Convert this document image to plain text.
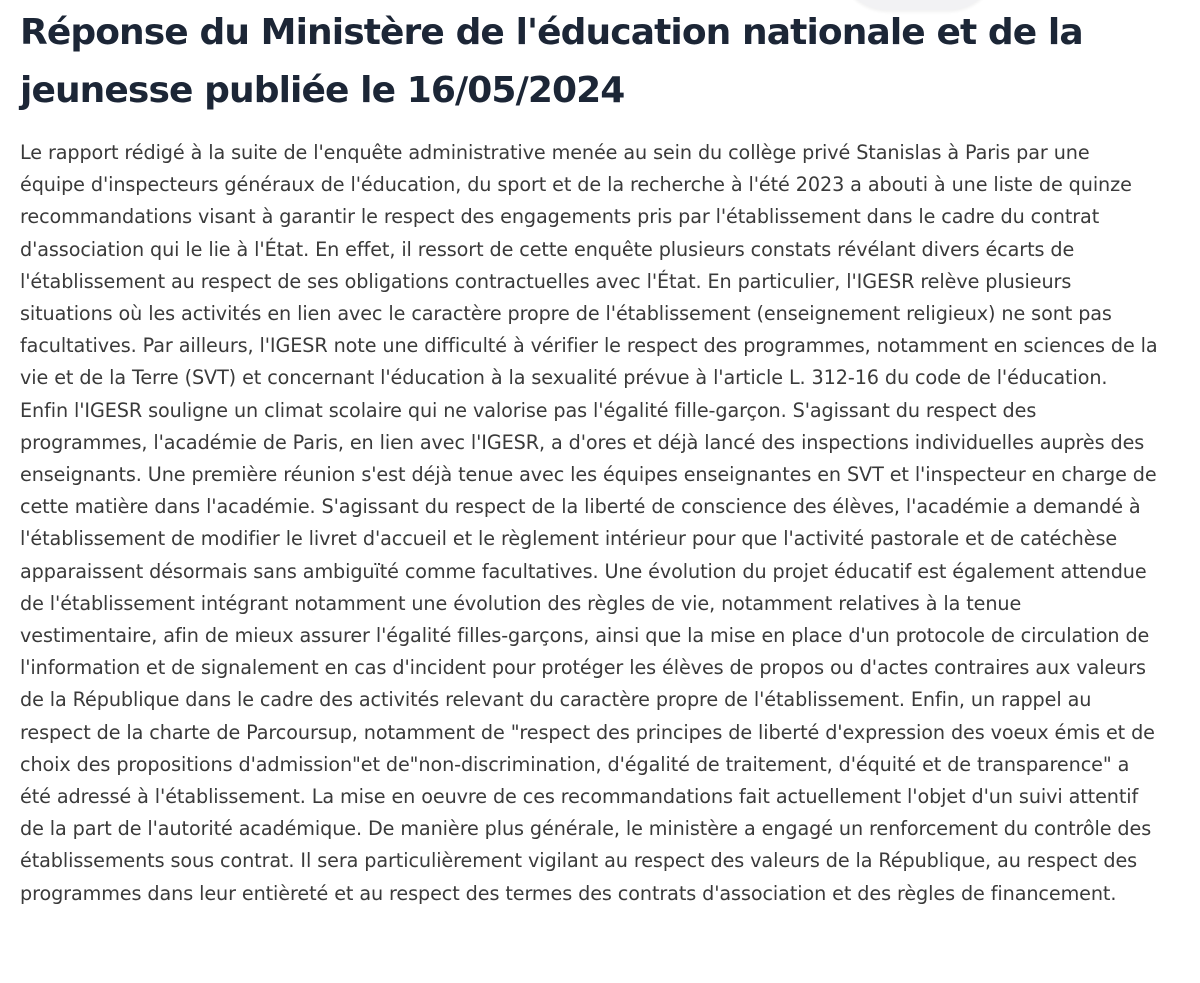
Réponse du Ministère de l'éducation nationale et de la jeunesse publiée le 16/05/2024

Le rapport rédigé à la suite de l'enquête administrative menée au sein du collège privé Stanislas à Paris par une équipe d'inspecteurs généraux de l'éducation, du sport et de la recherche à l'été 2023 a abouti à une liste de quinze recommandations visant à garantir le respect des engagements pris par l'établissement dans le cadre du contrat d'association qui le lie à l'État. En effet, il ressort de cette enquête plusieurs constats révélant divers écarts de l'établissement au respect de ses obligations contractuelles avec l'État. En particulier, l'IGESR relève plusieurs situations où les activités en lien avec le caractère propre de l'établissement (enseignement religieux) ne sont pas facultatives. Par ailleurs, l'IGESR note une difficulté à vérifier le respect des programmes, notamment en sciences de la vie et de la Terre (SVT) et concernant l'éducation à la sexualité prévue à l'article L. 312-16 du code de l'éducation. Enfin l'IGESR souligne un climat scolaire qui ne valorise pas l'égalité fille-garçon. S'agissant du respect des programmes, l'académie de Paris, en lien avec l'IGESR, a d'ores et déjà lancé des inspections individuelles auprès des enseignants. Une première réunion s'est déjà tenue avec les équipes enseignantes en SVT et l'inspecteur en charge de cette matière dans l'académie. S'agissant du respect de la liberté de conscience des élèves, l'académie a demandé à l'établissement de modifier le livret d'accueil et le règlement intérieur pour que l'activité pastorale et de catéchèse apparaissent désormais sans ambiguïté comme facultatives. Une évolution du projet éducatif est également attendue de l'établissement intégrant notamment une évolution des règles de vie, notamment relatives à la tenue vestimentaire, afin de mieux assurer l'égalité filles-garçons, ainsi que la mise en place d'un protocole de circulation de l'information et de signalement en cas d'incident pour protéger les élèves de propos ou d'actes contraires aux valeurs de la République dans le cadre des activités relevant du caractère propre de l'établissement. Enfin, un rappel au respect de la charte de Parcoursup, notamment de "respect des principes de liberté d'expression des voeux émis et de choix des propositions d'admission"et de"non-discrimination, d'égalité de traitement, d'équité et de transparence" a été adressé à l'établissement. La mise en oeuvre de ces recommandations fait actuellement l'objet d'un suivi attentif de la part de l'autorité académique. De manière plus générale, le ministère a engagé un renforcement du contrôle des établissements sous contrat. Il sera particulièrement vigilant au respect des valeurs de la République, au respect des programmes dans leur entièreté et au respect des termes des contrats d'association et des règles de financement.
